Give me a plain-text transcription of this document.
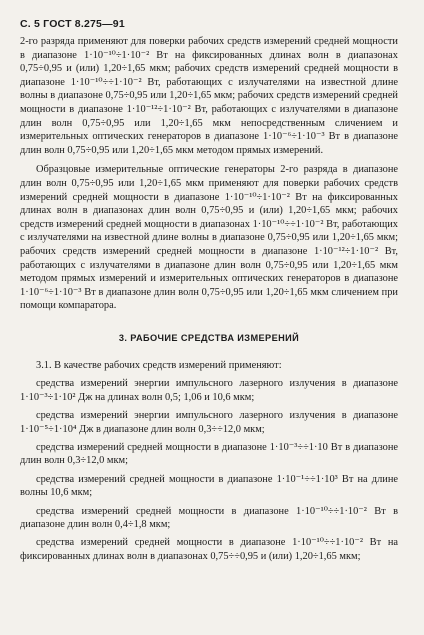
С. 5 ГОСТ 8.275—91

2-го разряда применяют для поверки рабочих средств измерений средней мощности в диапазоне 1·10⁻¹⁰÷1·10⁻² Вт на фиксированных длинах волн в диапазонах 0,75÷0,95 и (или) 1,20÷1,65 мкм; рабочих средств измерений средней мощности в диапазоне 1·10⁻¹⁰÷÷1·10⁻² Вт, работающих с излучателями на известной длине волны в диапазоне 0,75÷0,95 или 1,20÷1,65 мкм; рабочих средств измерений средней мощности в диапазоне 1·10⁻¹²÷1·10⁻² Вт, работающих с излучателями в диапазоне длин волн 0,75÷0,95 или 1,20÷1,65 мкм непосредственным сличением и измерительных оптических генераторов в диапазоне 1·10⁻⁶÷1·10⁻³ Вт в диапазоне длин волн 0,75÷0,95 или 1,20÷1,65 мкм методом прямых измерений.

Образцовые измерительные оптические генераторы 2-го разряда в диапазоне длин волн 0,75÷0,95 или 1,20÷1,65 мкм применяют для поверки рабочих средств измерений средней мощности в диапазоне 1·10⁻¹⁰÷1·10⁻² Вт на фиксированных длинах волн в диапазонах длин волн 0,75÷0,95 и (или) 1,20÷1,65 мкм; рабочих средств измерений средней мощности в диапазонах 1·10⁻¹⁰÷÷1·10⁻² Вт, работающих с излучателями на известной длине волны в диапазоне 0,75÷0,95 или 1,20÷1,65 мкм; рабочих средств измерений средней мощности в диапазоне 1·10⁻¹²÷1·10⁻² Вт, работающих с излучателями в диапазоне длин волн 0,75÷0,95 или 1,20÷1,65 мкм методом прямых измерений и измерительных оптических генераторов в диапазоне 1·10⁻⁶÷1·10⁻³ Вт в диапазоне длин волн 0,75÷0,95 или 1,20÷1,65 мкм сличением при помощи компаратора.

3. РАБОЧИЕ СРЕДСТВА ИЗМЕРЕНИЙ

3.1. В качестве рабочих средств измерений применяют:

средства измерений энергии импульсного лазерного излучения в диапазоне 1·10⁻³÷1·10² Дж на длинах волн 0,5; 1,06 и 10,6 мкм;

средства измерений энергии импульсного лазерного излучения в диапазоне 1·10⁻⁵÷1·10⁴ Дж в диапазоне длин волн 0,3÷÷12,0 мкм;

средства измерений средней мощности в диапазоне 1·10⁻³÷÷1·10 Вт в диапазоне длин волн 0,3÷12,0 мкм;

средства измерений средней мощности в диапазоне 1·10⁻¹÷÷1·10³ Вт на длине волны 10,6 мкм;

средства измерений средней мощности в диапазоне 1·10⁻¹⁰÷÷1·10⁻² Вт в диапазоне длин волн 0,4÷1,8 мкм;

средства измерений средней мощности в диапазоне 1·10⁻¹⁰÷÷1·10⁻² Вт на фиксированных длинах волн в диапазонах 0,75÷÷0,95 и (или) 1,20÷1,65 мкм;
